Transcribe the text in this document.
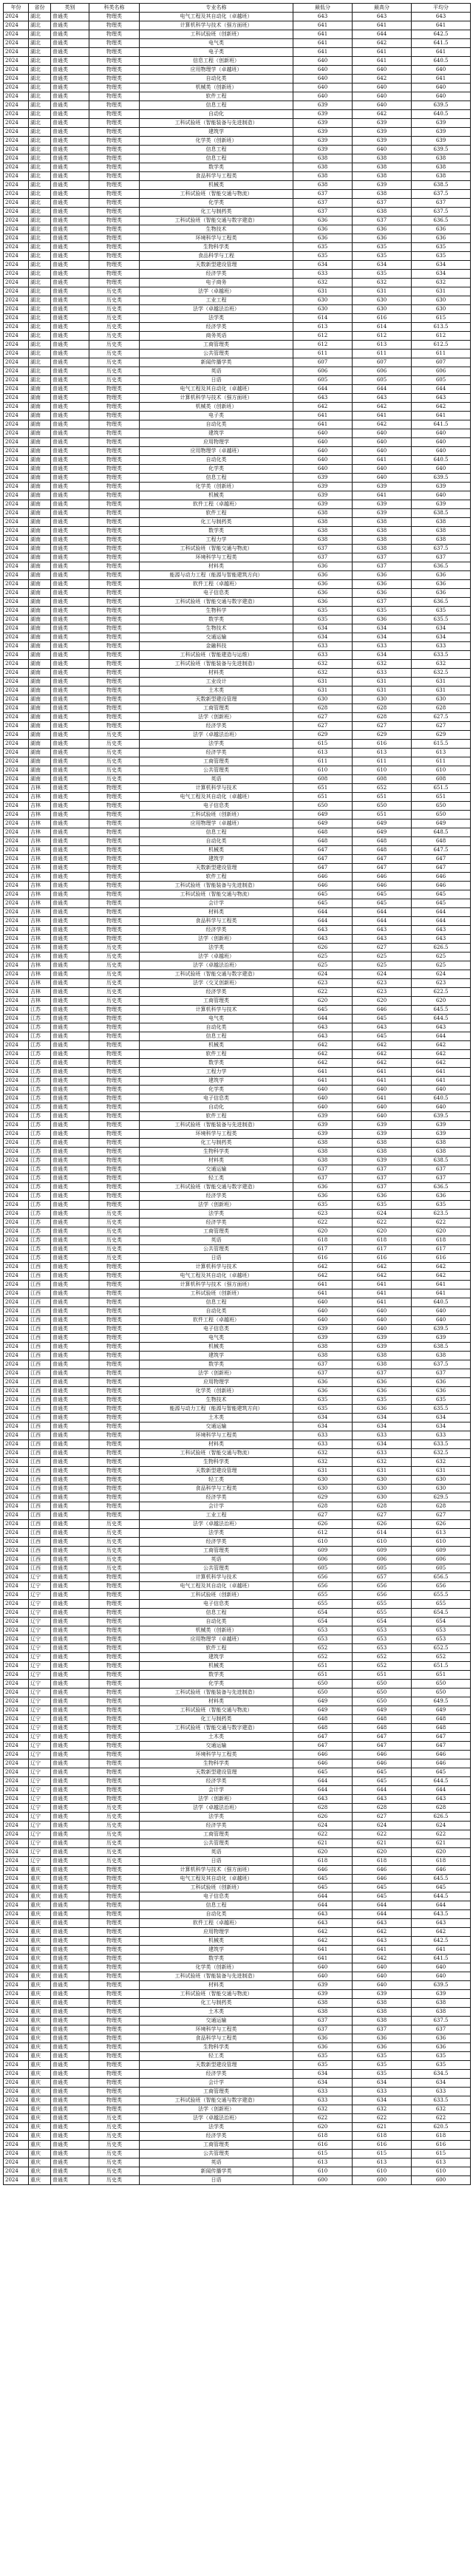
年份	省份	类别	科类名称	专业名称	最低分	最高分	平均分
2024	湖北	普通类	物理类	电气工程及其自动化（卓越班）	643	643	643
2024	湖北	普通类	物理类	计算机科学与技术（强方面班）	641	641	641
2024	湖北	普通类	物理类	工科试验班（创新班）	641	644	642.5
2024	湖北	普通类	物理类	电气类	641	642	641.5
2024	湖北	普通类	物理类	电子类	641	641	641
2024	湖北	普通类	物理类	信息工程（创新班）	640	641	640.5
2024	湖北	普通类	物理类	应用物理学（卓越班）	640	640	640
2024	湖北	普通类	物理类	自动化类	640	642	641
2024	湖北	普通类	物理类	机械类（创新班）	640	640	640
2024	湖北	普通类	物理类	软件工程	640	640	640
2024	湖北	普通类	物理类	信息工程	639	640	639.5
2024	湖北	普通类	物理类	自动化	639	642	640.5
2024	湖北	普通类	物理类	工科试验班（智能装备与先进制造）	639	639	639
2024	湖北	普通类	物理类	建筑学	639	639	639
2024	湖北	普通类	物理类	化学类（创新班）	639	639	639
2024	湖北	普通类	物理类	信息工程	639	640	639.5
2024	湖北	普通类	物理类	信息工程	638	638	638
2024	湖北	普通类	物理类	数学类	638	638	638
2024	湖北	普通类	物理类	食品科学与工程类	638	638	638
2024	湖北	普通类	物理类	机械类	638	639	638.5
2024	湖北	普通类	物理类	工科试验班（智能交通与物流）	637	638	637.5
2024	湖北	普通类	物理类	化学类	637	637	637
2024	湖北	普通类	物理类	化工与制药类	637	638	637.5
2024	湖北	普通类	物理类	工科试验班（智能交通与数字建造）	636	637	636.5
2024	湖北	普通类	物理类	生物技术	636	636	636
2024	湖北	普通类	物理类	环境科学与工程类	636	636	636
2024	湖北	普通类	物理类	生物科学类	635	635	635
2024	湖北	普通类	物理类	食品科学与工程	635	635	635
2024	湖北	普通类	物理类	天数新型建设管理	634	634	634
2024	湖北	普通类	物理类	经济学类	633	635	634
2024	湖北	普通类	物理类	电子商务	632	632	632
2024	湖北	普通类	历史类	法学（卓越班）	631	631	631
2024	湖北	普通类	历史类	工业工程	630	630	630
2024	湖北	普通类	历史类	法学（卓越法治班）	630	630	630
2024	湖北	普通类	历史类	法学类	614	616	615
2024	湖北	普通类	历史类	经济学类	613	614	613.5
2024	湖北	普通类	历史类	商务英语	612	612	612
2024	湖北	普通类	历史类	工商管理类	612	613	612.5
2024	湖北	普通类	历史类	公共管理类	611	611	611
2024	湖北	普通类	历史类	新闻传播学类	607	607	607
2024	湖北	普通类	历史类	英语	606	606	606
2024	湖北	普通类	历史类	日语	605	605	605
2024	湖南	普通类	物理类	电气工程及其自动化（卓越班）	644	644	644
2024	湖南	普通类	物理类	计算机科学与技术（强方面班）	643	643	643
2024	湖南	普通类	物理类	机械类（创新班）	642	642	642
2024	湖南	普通类	物理类	电子类	641	641	641
2024	湖南	普通类	物理类	自动化类	641	642	641.5
2024	湖南	普通类	物理类	建筑学	640	640	640
2024	湖南	普通类	物理类	应用物理学	640	640	640
2024	湖南	普通类	物理类	应用物理学（卓越班）	640	640	640
2024	湖南	普通类	物理类	自动化类	640	641	640.5
2024	湖南	普通类	物理类	化学类	640	640	640
2024	湖南	普通类	物理类	信息工程	639	640	639.5
2024	湖南	普通类	物理类	化学类（创新班）	639	639	639
2024	湖南	普通类	物理类	机械类	639	641	640
2024	湖南	普通类	物理类	软件工程（卓越班）	639	639	639
2024	湖南	普通类	物理类	软件工程	638	639	638.5
2024	湖南	普通类	物理类	化工与制药类	638	638	638
2024	湖南	普通类	物理类	数学类	638	638	638
2024	湖南	普通类	物理类	工程力学	638	638	638
2024	湖南	普通类	物理类	工科试验班（智能交通与物流）	637	638	637.5
2024	湖南	普通类	物理类	环境科学与工程类	637	637	637
2024	湖南	普通类	物理类	材料类	636	637	636.5
2024	湖南	普通类	物理类	能源与动力工程（能源与智能建筑方向）	636	636	636
2024	湖南	普通类	物理类	软件工程（卓越班）	636	636	636
2024	湖南	普通类	物理类	电子信息类	636	636	636
2024	湖南	普通类	物理类	工科试验班（智能交通与数字建造）	636	637	636.5
2024	湖南	普通类	物理类	生物科学	635	635	635
2024	湖南	普通类	物理类	数学类	635	636	635.5
2024	湖南	普通类	物理类	生物技术	634	634	634
2024	湖南	普通类	物理类	交通运输	634	634	634
2024	湖南	普通类	物理类	金融科技	633	633	633
2024	湖南	普通类	物理类	工科试验班（智能建造与运维）	633	634	633.5
2024	湖南	普通类	物理类	工科试验班（智能装备与先进制造）	632	632	632
2024	湖南	普通类	物理类	材料类	632	633	632.5
2024	湖南	普通类	物理类	工业设计	631	631	631
2024	湖南	普通类	物理类	土木类	631	631	631
2024	湖南	普通类	物理类	天数新型建设管理	630	630	630
2024	湖南	普通类	物理类	工商管理类	628	628	628
2024	湖南	普通类	物理类	法学（创新班）	627	628	627.5
2024	湖南	普通类	物理类	经济学类	627	627	627
2024	湖南	普通类	历史类	法学（卓越法治班）	629	629	629
2024	湖南	普通类	历史类	法学类	615	616	615.5
2024	湖南	普通类	历史类	经济学类	613	613	613
2024	湖南	普通类	历史类	工商管理类	611	611	611
2024	湖南	普通类	历史类	公共管理类	610	610	610
2024	湖南	普通类	历史类	英语	608	608	608
2024	吉林	普通类	物理类	计算机科学与技术	651	652	651.5
2024	吉林	普通类	物理类	电气工程及其自动化（卓越班）	651	651	651
2024	吉林	普通类	物理类	电子信息类	650	650	650
2024	吉林	普通类	物理类	工科试验班（创新班）	649	651	650
2024	吉林	普通类	物理类	应用物理学（卓越班）	649	649	649
2024	吉林	普通类	物理类	信息工程	648	649	648.5
2024	吉林	普通类	物理类	自动化类	648	648	648
2024	吉林	普通类	物理类	机械类	647	648	647.5
2024	吉林	普通类	物理类	建筑学	647	647	647
2024	吉林	普通类	物理类	天数新型建设管理	647	647	647
2024	吉林	普通类	物理类	软件工程	646	646	646
2024	吉林	普通类	物理类	工科试验班（智能装备与先进制造）	646	646	646
2024	吉林	普通类	物理类	工科试验班（智能交通与物流）	645	645	645
2024	吉林	普通类	物理类	会计学	645	645	645
2024	吉林	普通类	物理类	材料类	644	644	644
2024	吉林	普通类	物理类	食品科学与工程类	644	644	644
2024	吉林	普通类	物理类	经济学类	643	643	643
2024	吉林	普通类	物理类	法学（创新班）	643	643	643
2024	吉林	普通类	历史类	法学类	626	627	626.5
2024	吉林	普通类	历史类	法学（卓越班）	625	625	625
2024	吉林	普通类	历史类	法学（卓越法治班）	625	625	625
2024	吉林	普通类	历史类	工科试验班（智能交通与数字建造）	624	624	624
2024	吉林	普通类	历史类	法学（交叉创新班）	623	623	623
2024	吉林	普通类	历史类	经济学类	622	623	622.5
2024	吉林	普通类	历史类	工商管理类	620	620	620
2024	江苏	普通类	物理类	计算机科学与技术	645	646	645.5
2024	江苏	普通类	物理类	电气类	644	645	644.5
2024	江苏	普通类	物理类	自动化类	643	643	643
2024	江苏	普通类	物理类	信息工程	643	645	644
2024	江苏	普通类	物理类	机械类	642	642	642
2024	江苏	普通类	物理类	软件工程	642	642	642
2024	江苏	普通类	物理类	数学类	642	642	642
2024	江苏	普通类	物理类	工程力学	641	641	641
2024	江苏	普通类	物理类	建筑学	641	641	641
2024	江苏	普通类	物理类	化学类	640	640	640
2024	江苏	普通类	物理类	电子信息类	640	641	640.5
2024	江苏	普通类	物理类	自动化	640	640	640
2024	江苏	普通类	物理类	软件工程	639	640	639.5
2024	江苏	普通类	物理类	工科试验班（智能装备与先进制造）	639	639	639
2024	江苏	普通类	物理类	环境科学与工程类	639	639	639
2024	江苏	普通类	物理类	化工与制药类	638	638	638
2024	江苏	普通类	物理类	生物科学类	638	638	638
2024	江苏	普通类	物理类	材料类	638	639	638.5
2024	江苏	普通类	物理类	交通运输	637	637	637
2024	江苏	普通类	物理类	轻工类	637	637	637
2024	江苏	普通类	物理类	工科试验班（智能交通与数字建造）	636	637	636.5
2024	江苏	普通类	物理类	经济学类	636	636	636
2024	江苏	普通类	物理类	法学（创新班）	635	635	635
2024	江苏	普通类	历史类	法学类	623	624	623.5
2024	江苏	普通类	历史类	经济学类	622	622	622
2024	江苏	普通类	历史类	工商管理类	620	620	620
2024	江苏	普通类	历史类	英语	618	618	618
2024	江苏	普通类	历史类	公共管理类	617	617	617
2024	江苏	普通类	历史类	日语	616	616	616
2024	江西	普通类	物理类	计算机科学与技术	642	642	642
2024	江西	普通类	物理类	电气工程及其自动化（卓越班）	642	642	642
2024	江西	普通类	物理类	计算机科学与技术（强方面班）	641	641	641
2024	江西	普通类	物理类	工科试验班（创新班）	641	641	641
2024	江西	普通类	物理类	信息工程	640	641	640.5
2024	江西	普通类	物理类	自动化类	640	640	640
2024	江西	普通类	物理类	软件工程（卓越班）	640	640	640
2024	江西	普通类	物理类	电子信息类	639	640	639.5
2024	江西	普通类	物理类	电气类	639	639	639
2024	江西	普通类	物理类	机械类	638	639	638.5
2024	江西	普通类	物理类	建筑学	638	638	638
2024	江西	普通类	物理类	数学类	637	638	637.5
2024	江西	普通类	物理类	法学（创新班）	637	637	637
2024	江西	普通类	物理类	应用物理学	636	636	636
2024	江西	普通类	物理类	化学类（创新班）	636	636	636
2024	江西	普通类	物理类	生物技术	635	635	635
2024	江西	普通类	物理类	能源与动力工程（能源与智能建筑方向）	635	636	635.5
2024	江西	普通类	物理类	土木类	634	634	634
2024	江西	普通类	物理类	交通运输	634	634	634
2024	江西	普通类	物理类	环境科学与工程类	633	633	633
2024	江西	普通类	物理类	材料类	633	634	633.5
2024	江西	普通类	物理类	工科试验班（智能交通与物流）	632	633	632.5
2024	江西	普通类	物理类	生物科学类	632	632	632
2024	江西	普通类	物理类	天数新型建设管理	631	631	631
2024	江西	普通类	物理类	轻工类	630	630	630
2024	江西	普通类	物理类	食品科学与工程类	630	630	630
2024	江西	普通类	物理类	经济学类	629	630	629.5
2024	江西	普通类	物理类	会计学	628	628	628
2024	江西	普通类	物理类	工业工程	627	627	627
2024	江西	普通类	历史类	法学（卓越法治班）	626	626	626
2024	江西	普通类	历史类	法学类	612	614	613
2024	江西	普通类	历史类	经济学类	610	610	610
2024	江西	普通类	历史类	工商管理类	609	609	609
2024	江西	普通类	历史类	英语	606	606	606
2024	江西	普通类	历史类	公共管理类	605	605	605
2024	辽宁	普通类	物理类	计算机科学与技术	656	657	656.5
2024	辽宁	普通类	物理类	电气工程及其自动化（卓越班）	656	656	656
2024	辽宁	普通类	物理类	工科试验班（创新班）	655	656	655.5
2024	辽宁	普通类	物理类	电子信息类	655	655	655
2024	辽宁	普通类	物理类	信息工程	654	655	654.5
2024	辽宁	普通类	物理类	自动化类	654	654	654
2024	辽宁	普通类	物理类	机械类（创新班）	653	653	653
2024	辽宁	普通类	物理类	应用物理学（卓越班）	653	653	653
2024	辽宁	普通类	物理类	软件工程	652	653	652.5
2024	辽宁	普通类	物理类	建筑学	652	652	652
2024	辽宁	普通类	物理类	机械类	651	652	651.5
2024	辽宁	普通类	物理类	数学类	651	651	651
2024	辽宁	普通类	物理类	化学类	650	650	650
2024	辽宁	普通类	物理类	工科试验班（智能装备与先进制造）	650	650	650
2024	辽宁	普通类	物理类	材料类	649	650	649.5
2024	辽宁	普通类	物理类	工科试验班（智能交通与物流）	649	649	649
2024	辽宁	普通类	物理类	化工与制药类	648	648	648
2024	辽宁	普通类	物理类	工科试验班（智能交通与数字建造）	648	648	648
2024	辽宁	普通类	物理类	土木类	647	647	647
2024	辽宁	普通类	物理类	交通运输	647	647	647
2024	辽宁	普通类	物理类	环境科学与工程类	646	646	646
2024	辽宁	普通类	物理类	生物科学类	646	646	646
2024	辽宁	普通类	物理类	天数新型建设管理	645	645	645
2024	辽宁	普通类	物理类	经济学类	644	645	644.5
2024	辽宁	普通类	物理类	会计学	644	644	644
2024	辽宁	普通类	物理类	法学（创新班）	643	643	643
2024	辽宁	普通类	历史类	法学（卓越法治班）	628	628	628
2024	辽宁	普通类	历史类	法学类	626	627	626.5
2024	辽宁	普通类	历史类	经济学类	624	624	624
2024	辽宁	普通类	历史类	工商管理类	622	622	622
2024	辽宁	普通类	历史类	公共管理类	621	621	621
2024	辽宁	普通类	历史类	英语	620	620	620
2024	辽宁	普通类	历史类	日语	618	618	618
2024	重庆	普通类	物理类	计算机科学与技术（强方面班）	646	646	646
2024	重庆	普通类	物理类	电气工程及其自动化（卓越班）	645	646	645.5
2024	重庆	普通类	物理类	工科试验班（创新班）	645	645	645
2024	重庆	普通类	物理类	电子信息类	644	645	644.5
2024	重庆	普通类	物理类	信息工程	644	644	644
2024	重庆	普通类	物理类	自动化类	643	644	643.5
2024	重庆	普通类	物理类	软件工程（卓越班）	643	643	643
2024	重庆	普通类	物理类	应用物理学	642	642	642
2024	重庆	普通类	物理类	机械类	642	643	642.5
2024	重庆	普通类	物理类	建筑学	641	641	641
2024	重庆	普通类	物理类	数学类	641	642	641.5
2024	重庆	普通类	物理类	化学类（创新班）	640	640	640
2024	重庆	普通类	物理类	工科试验班（智能装备与先进制造）	640	640	640
2024	重庆	普通类	物理类	材料类	639	640	639.5
2024	重庆	普通类	物理类	工科试验班（智能交通与物流）	639	639	639
2024	重庆	普通类	物理类	化工与制药类	638	638	638
2024	重庆	普通类	物理类	土木类	638	638	638
2024	重庆	普通类	物理类	交通运输	637	638	637.5
2024	重庆	普通类	物理类	环境科学与工程类	637	637	637
2024	重庆	普通类	物理类	食品科学与工程类	636	636	636
2024	重庆	普通类	物理类	生物科学类	636	636	636
2024	重庆	普通类	物理类	轻工类	635	635	635
2024	重庆	普通类	物理类	天数新型建设管理	635	635	635
2024	重庆	普通类	物理类	经济学类	634	635	634.5
2024	重庆	普通类	物理类	会计学	634	634	634
2024	重庆	普通类	物理类	工商管理类	633	633	633
2024	重庆	普通类	物理类	工科试验班（智能交通与数字建造）	633	634	633.5
2024	重庆	普通类	物理类	法学（创新班）	632	632	632
2024	重庆	普通类	历史类	法学（卓越法治班）	622	622	622
2024	重庆	普通类	历史类	法学类	620	621	620.5
2024	重庆	普通类	历史类	经济学类	618	618	618
2024	重庆	普通类	历史类	工商管理类	616	616	616
2024	重庆	普通类	历史类	公共管理类	615	615	615
2024	重庆	普通类	历史类	英语	613	613	613
2024	重庆	普通类	历史类	新闻传播学类	610	610	610
2024	重庆	普通类	历史类	日语	600	600	600
